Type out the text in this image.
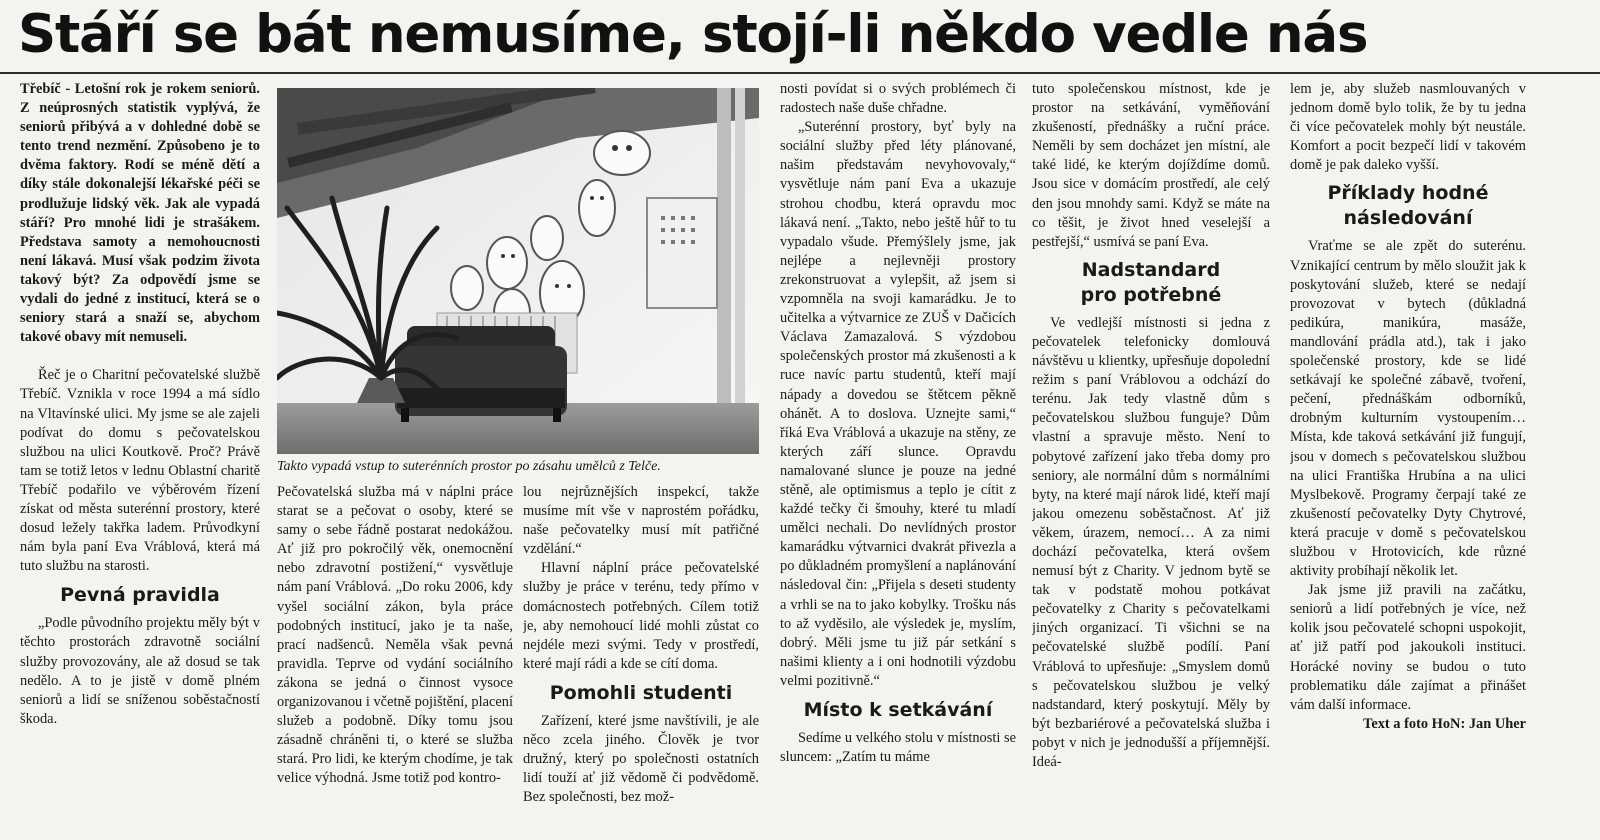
Stáří se bát nemusíme, stojí-li někdo vedle nás

Třebíč - Letošní rok je rokem seniorů. Z neúprosných statistik vyplývá, že seniorů přibývá a v dohledné době se tento trend nezmění. Způsobeno je to dvěma faktory. Rodí se méně dětí a díky stále dokonalejší lékařské péči se prodlužuje lidský věk. Jak ale vypadá stáří? Pro mnohé lidi je strašákem. Představa samoty a nemohoucnosti není lákavá. Musí však podzim života takový být? Za odpovědí jsme se vydali do jedné z institucí, která se o seniory stará a snaží se, abychom takové obavy mít nemuseli.

Řeč je o Charitní pečovatelské službě Třebíč. Vznikla v roce 1994 a má sídlo na Vltavínské ulici. My jsme se ale zajeli podívat do domu s pečovatelskou službou na ulici Koutkově. Proč? Právě tam se totiž letos v lednu Oblastní charitě Třebíč podařilo ve výběrovém řízení získat od města suterénní prostory, které dosud ležely takřka ladem. Průvodkyní nám byla paní Eva Vráblová, která má tuto službu na starosti.

Pevná pravidla

„Podle původního projektu měly být v těchto prostorách zdravotně sociální služby provozovány, ale až dosud se tak nedělo. A to je jistě v domě plném seniorů a lidí se sníženou soběstačností škoda.

Takto vypadá vstup to suterénních prostor po zásahu umělců z Telče.

Pečovatelská služba má v náplni práce starat se a pečovat o osoby, které se samy o sebe řádně postarat nedokážou. Ať již pro pokročilý věk, onemocnění nebo zdravotní postižení,“ vysvětluje nám paní Vráblová. „Do roku 2006, kdy vyšel sociální zákon, byla práce podobných institucí, jako je ta naše, prací nadšenců. Neměla však pevná pravidla. Teprve od vydání sociálního zákona se jedná o činnost vysoce organizovanou i včetně pojištění, placení služeb a podobně. Díky tomu jsou zásadně chráněni ti, o které se služba stará. Pro lidi, ke kterým chodíme, je tak velice výhodná. Jsme totiž pod kontro-

lou nejrůznějších inspekcí, takže musíme mít vše v naprostém pořádku, naše pečovatelky musí mít patřičné vzdělání.“

Hlavní náplní práce pečovatelské služby je práce v terénu, tedy přímo v domácnostech potřebných. Cílem totiž je, aby nemohoucí lidé mohli zůstat co nejdéle mezi svými. Tedy v prostředí, které mají rádi a kde se cítí doma.

Pomohli studenti

Zařízení, které jsme navštívili, je ale něco zcela jiného. Člověk je tvor družný, který po společnosti ostatních lidí touží ať již vědomě či podvědomě. Bez společnosti, bez mož-

nosti povídat si o svých problémech či radostech naše duše chřadne.

„Suterénní prostory, byť byly na sociální služby před léty plánované, našim představám nevyhovovaly,“ vysvětluje nám paní Eva a ukazuje strohou chodbu, která opravdu moc lákavá není. „Takto, nebo ještě hůř to tu vypadalo všude. Přemýšlely jsme, jak nejlépe a nejlevněji prostory zrekonstruovat a vylepšit, až jsem si vzpomněla na svoji kamarádku. Je to učitelka a výtvarnice ze ZUŠ v Dačicích Václava Zamazalová. S výzdobou společenských prostor má zkušenosti a k ruce navíc partu studentů, kteří mají nápady a dovedou se štětcem pěkně ohánět. A to doslova. Uznejte sami,“ říká Eva Vráblová a ukazuje na stěny, ze kterých září slunce. Opravdu namalované slunce je pouze na jedné stěně, ale optimismus a teplo je cítit z každé tečky či šmouhy, které tu mladí umělci nechali. Do nevlídných prostor kamarádku výtvarnici dvakrát přivezla a po důkladném promyšlení a naplánování následoval čin: „Přijela s deseti studenty a vrhli se na to jako kobylky. Trošku nás to až vyděsilo, ale výsledek je, myslím, dobrý. Měli jsme tu již pár setkání s našimi klienty a i oni hodnotili výzdobu velmi pozitivně.“

Místo k setkávání

Sedíme u velkého stolu v místnosti se sluncem: „Zatím tu máme

tuto společenskou místnost, kde je prostor na setkávání, vyměňování zkušeností, přednášky a ruční práce. Neměli by sem docházet jen místní, ale také lidé, ke kterým dojíždíme domů. Jsou sice v domácím prostředí, ale celý den jsou mnohdy sami. Když se máte na co těšit, je život hned veselejší a pestřejší,“ usmívá se paní Eva.

Nadstandard pro potřebné

Ve vedlejší místnosti si jedna z pečovatelek telefonicky domlouvá návštěvu u klientky, upřesňuje dopolední režim s paní Vráblovou a odchází do terénu. Jak tedy vlastně dům s pečovatelskou službou funguje? Dům vlastní a spravuje město. Není to pobytové zařízení jako třeba domy pro seniory, ale normální dům s normálními byty, na které mají nárok lidé, kteří mají jakou omezenu soběstačnost. Ať již věkem, úrazem, nemocí… A za nimi dochází pečovatelka, která ovšem nemusí být z Charity. V jednom bytě se tak v podstatě mohou potkávat pečovatelky z Charity s pečovatelkami jiných organizací. Ti všichni se na pečovatelské službě podílí. Paní Vráblová to upřesňuje: „Smyslem domů s pečovatelskou službou je velký nadstandard, který poskytují. Měly by být bezbariérové a pečovatelská služba i pobyt v nich je jednodušší a příjemnější. Ideá-

lem je, aby služeb nasmlouvaných v jednom domě bylo tolik, že by tu jedna či více pečovatelek mohly být neustále. Komfort a pocit bezpečí lidí v takovém domě je pak daleko vyšší.

Příklady hodné následování

Vraťme se ale zpět do suterénu. Vznikající centrum by mělo sloužit jak k poskytování služeb, které se nedají provozovat v bytech (důkladná pedikúra, manikúra, masáže, mandlování prádla atd.), tak i jako společenské prostory, kde se lidé setkávají ke společné zábavě, tvoření, pečení, přednáškám odborníků, drobným kulturním vystoupením… Místa, kde taková setkávání již fungují, jsou v domech s pečovatelskou službou na ulici Františka Hrubína a na ulici Myslbekově. Programy čerpají také ze zkušeností pečovatelky Dyty Chytrové, která pracuje v domě s pečovatelskou službou v Hrotovicích, kde různé aktivity probíhají několik let.

Jak jsme již pravili na začátku, seniorů a lidí potřebných je více, než kolik jsou pečovatelé schopni uspokojit, ať již patří pod jakoukoli instituci. Horácké noviny se budou o tuto problematiku dále zajímat a přinášet vám další informace.

Text a foto HoN: Jan Uher
